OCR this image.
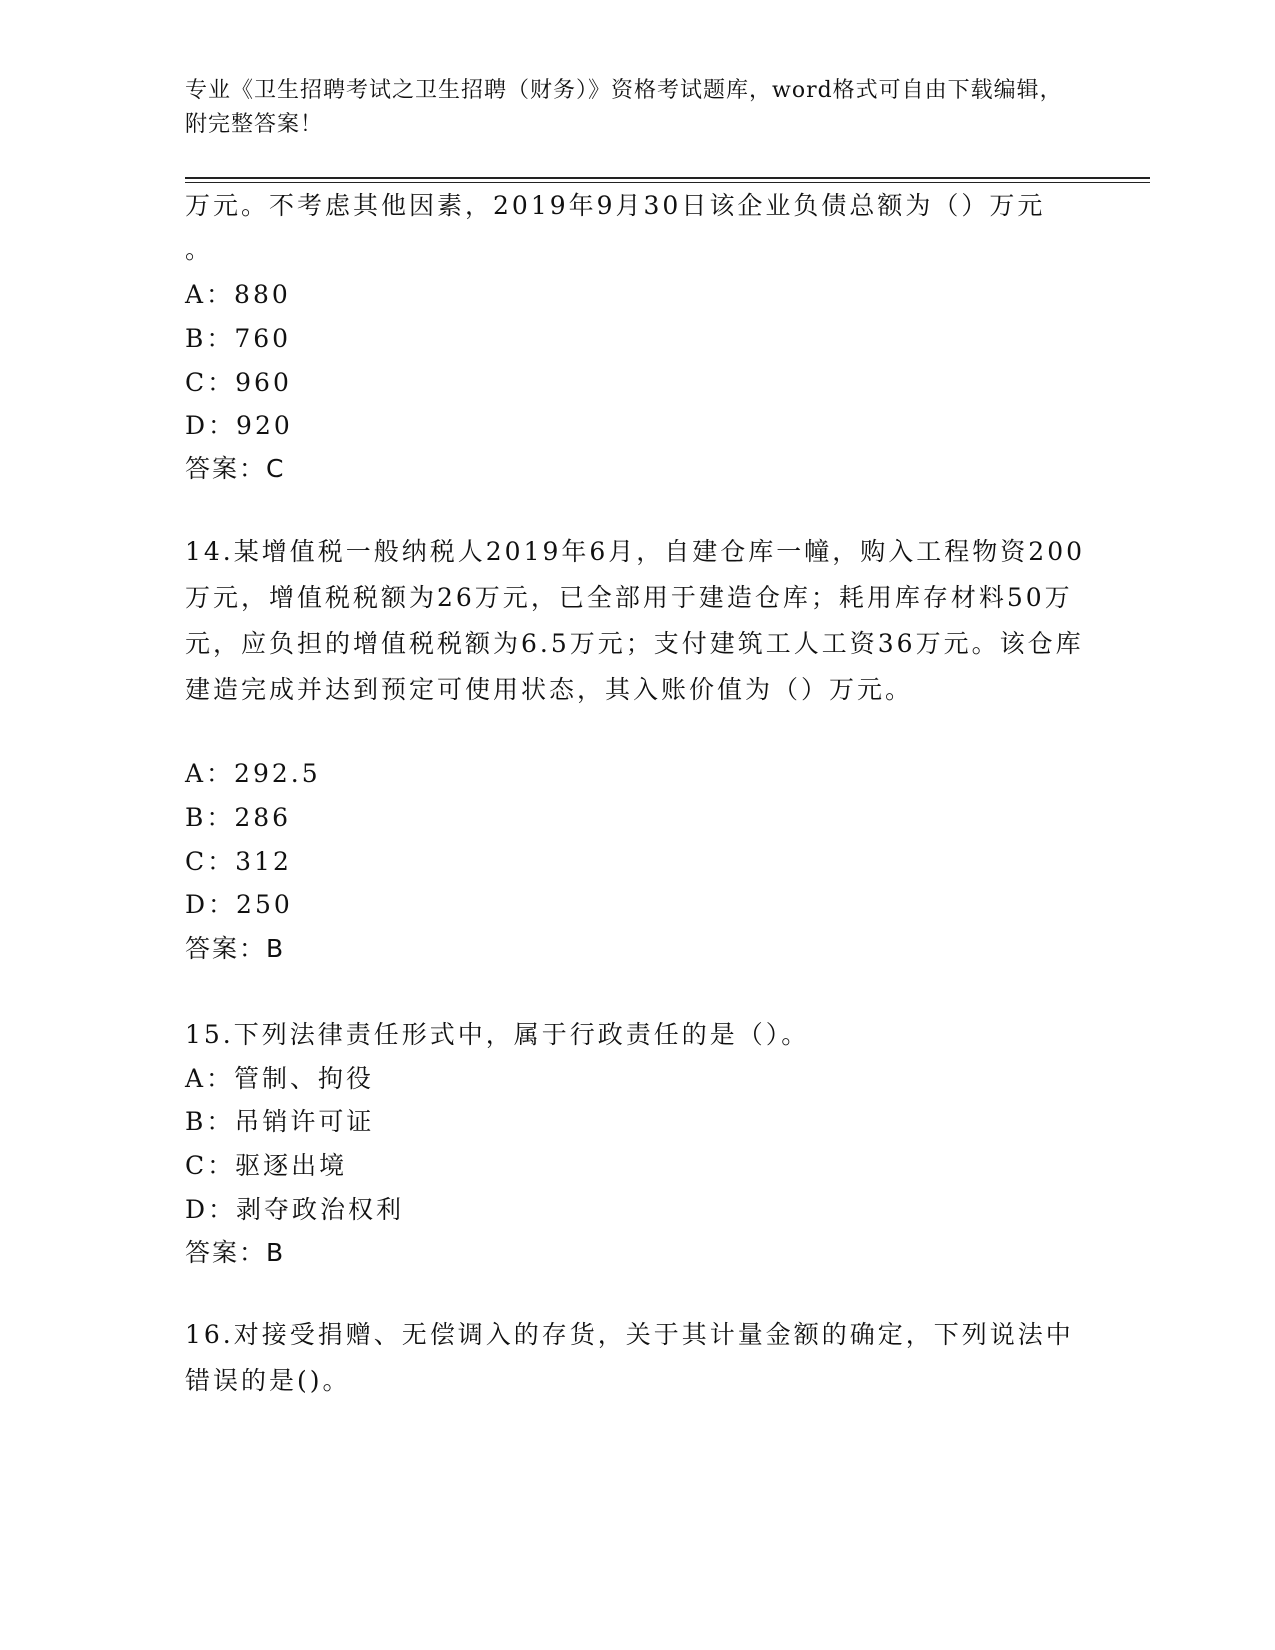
专业《卫生招聘考试之卫生招聘（财务）》资格考试题库，word格式可自由下载编辑，附完整答案！
万元。不考虑其他因素，2019年9月30日该企业负债总额为（）万元
。
A：880
B：760
C：960
D：920
答案：C
14.某增值税一般纳税人2019年6月，自建仓库一幢，购入工程物资200万元，增值税税额为26万元，已全部用于建造仓库；耗用库存材料50万元，应负担的增值税税额为6.5万元；支付建筑工人工资36万元。该仓库建造完成并达到预定可使用状态，其入账价值为（）万元。
A：292.5
B：286
C：312
D：250
答案：B
15.下列法律责任形式中，属于行政责任的是（）。
A：管制、拘役
B：吊销许可证
C：驱逐出境
D：剥夺政治权利
答案：B
16.对接受捐赠、无偿调入的存货，关于其计量金额的确定，下列说法中错误的是()。
